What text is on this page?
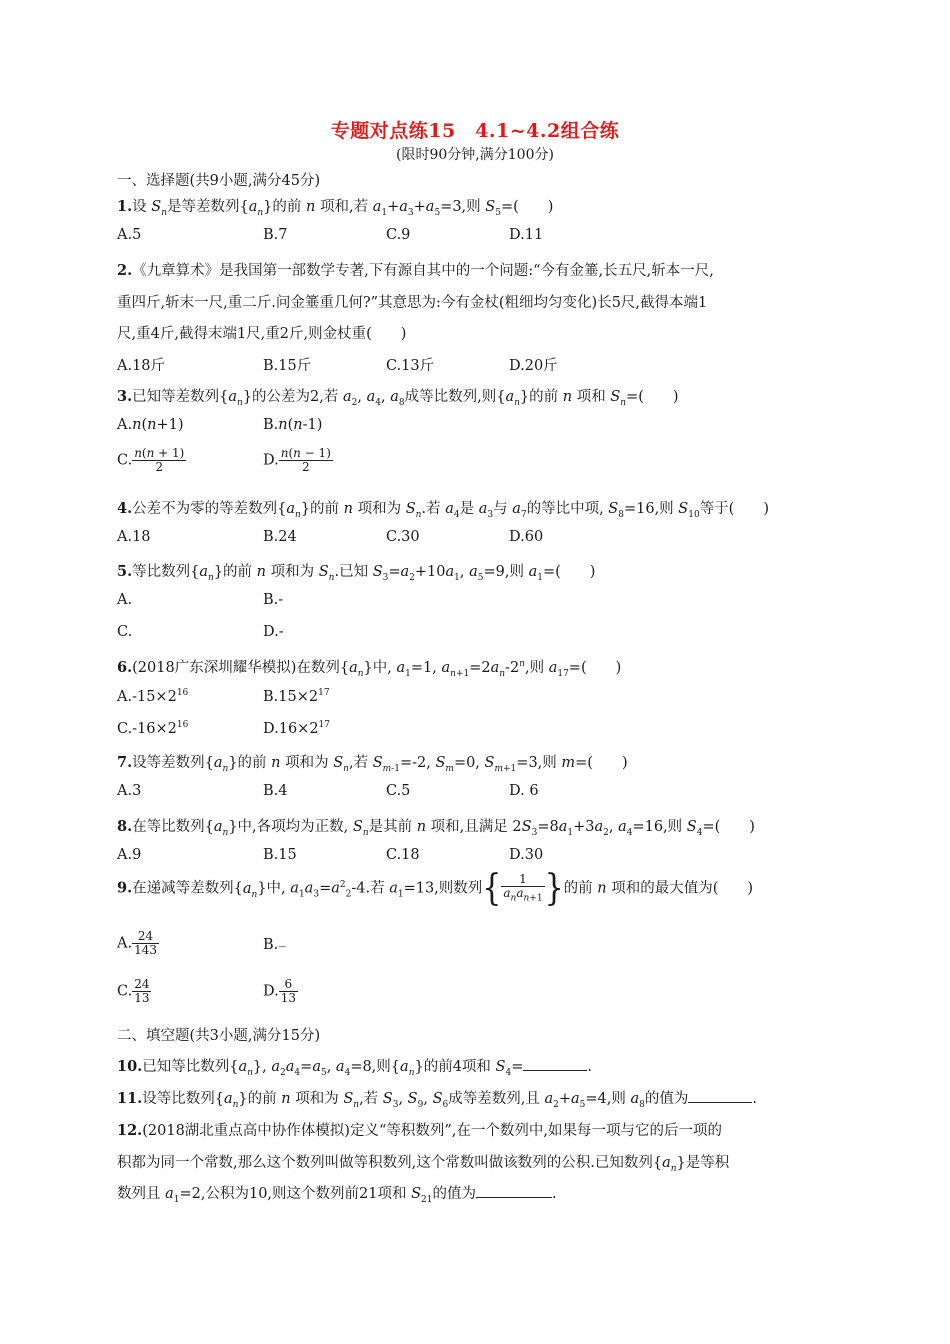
专题对点练15　4.1~4.2组合练
(限时90分钟,满分100分)
一、选择题(共9小题,满分45分)
1.设 $S_n$是等差数列$\{a_n\}$的前 n 项和,若 $a_1+a_3+a_5=3$,则 $S_5=$(　　)
A.5	B.7	C.9	D.11
2.《九章算术》是我国第一部数学专著,下有源自其中的一个问题:“今有金箠,长五尺,斩本一尺,
重四斤,斩末一尺,重二斤.问金箠重几何?”其意思为:今有金杖(粗细均匀变化)长5尺,截得本端1
尺,重4斤,截得末端1尺,重2斤,则金杖重(　　)
A.18斤	B.15斤	C.13斤	D.20斤
3.已知等差数列$\{a_n\}$的公差为2,若 $a_2$, $a_4$, $a_8$成等比数列,则$\{a_n\}$的前 n 项和 $S_n=$(　　)
A.n(n+1)	B.n(n-1)
C. $\frac{n(n + 1)}{2}$	D. $\frac{n(n - 1)}{2}$
4.公差不为零的等差数列$\{a_n\}$的前 n 项和为 $S_n$.若 $a_4$是 $a_3$与 $a_7$的等比中项, $S_8=16$,则 $S_{10}$等于(　　)
A.18	B.24	C.30	D.60
5.等比数列$\{a_n\}$的前 n 项和为 $S_n$.已知 $S_3=a_2+10a_1$, $a_5=9$,则 $a_1=$(　　)
A.	B.-
C.	D.-
6.(2018广东深圳耀华模拟)在数列$\{a_n\}$中, $a_1=1$, $a_{n+1}=2a_n-2^n$,则 $a_{17}=$(　　)
$A.-15\times 2^{16}$	$B.15\times 2^{17}$
$C.-16\times 2^{16}$	$D.16\times 2^{17}$
7.设等差数列$\{a_n\}$的前 n 项和为 $S_n$,若 $S_{m-1}=-2$, $S_m=0$, $S_{m+1}=3$,则 m=(　　)
A.3	B.4	C.5	D. 6
8.在等比数列$\{a_n\}$中,各项均为正数, $S_n$是其前 n 项和,且满足 $2S_3=8a_1+3a_2$, $a_4=16$,则 $S_4=$(　　)
A.9	B.15	C.18	D.30
9.在递减等差数列$\{a_n\}$中, $a_1a_3=a^2_2-4$.若 $a_1=13$,则数列{ $\frac{1}{a_na_{n+1}}$ }的前 n 项和的最大值为(　　)
A. $\frac{24}{143}$	B.—
C. $\frac{24}{13}$	D. $\frac{6}{13}$
二、填空题(共3小题,满分15分)
10.已知等比数列$\{a_n\}$, $a_2a_4=a_5$, $a_4=8$,则$\{a_n\}$的前4项和 $S_4=$	.
11.设等比数列$\{a_n\}$的前 n 项和为 $S_n$,若 $S_3$, $S_9$, $S_6$成等差数列,且 $a_2+a_5=4$,则 $a_8$的值为	.
12.(2018湖北重点高中协作体模拟)定义“等积数列”,在一个数列中,如果每一项与它的后一项的
积都为同一个常数,那么这个数列叫做等积数列,这个常数叫做该数列的公积.已知数列$\{a_n\}$是等积
数列且 $a_1=2$,公积为10,则这个数列前21项和 $S_{21}$的值为	.
